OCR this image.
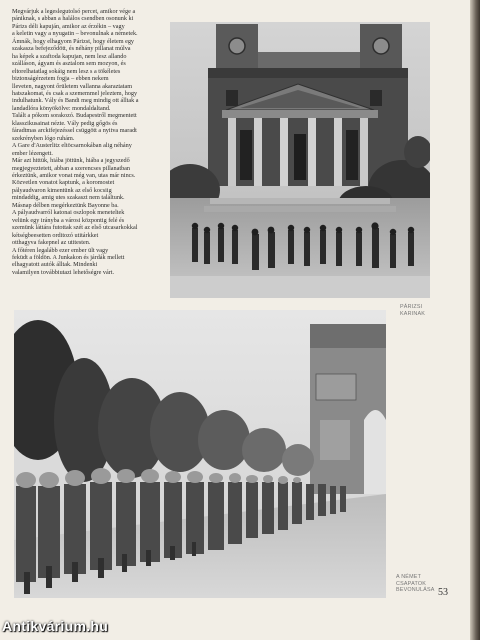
Megvárjuk a legeslegutolsó percet, amikor vége a
pániknak, s abban a halálos csendben osonunk ki
Párizs déli kapuján, amikor az érzékin – vagy
a keletin vagy a nyugatin – bevonulnak a németek.
Ámnák, hogy elhagyom Párizst, hogy életem egy
szakasza befejeződött, és néhány pillanat múlva
ha képek a szaftoda kapujan, nem lesz allando
szálláson, ágyam és asztalom sem mozyon, és
eltorelhatatlag sokáig nem lesz s a tökéletes
biztonságérzetem fogja – ebben nekem
lleveten, nagyont őrületem vallanna akaraztatam
hatszakomat, és csak a szememmel jeleztem, hogy
indulhatunk. Vály és Bandi meg mindig ott álltak a
landadlóra könyökölve: mondaldaltand.
Talált a pókom sorakozó. Budapestről megmentett
klasszikusainat nézte. Vály pedig gőgös és
fáradtmas arckifejezéssel csüggött a nyitva maradt
szekrényben lógo ruhám.
A Gare d'Austerlitz eltöcsarnokában alig néhány
ember lézengett.
Már azt hittük, hiába jöttünk, hiába a jegyszedő
megjegyeztetett, abban a szerencses pillanatban
érkeztünk, amikor vonat még van, utas már nincs.
Közvetlen vonatot kaptunk, a koromostet
pályaudvaron kimentünk az első kocsiig
mindaddig, amig utes szakaszt nem találtunk.
Másnap délben megérkeztünk Bayonne ba.
A pályaudvarról katonai oszlopok meneteltek
velünk egy irányba a városi központig felé és
szemünk láttára futottak szét az első utcasarkokkal
kétségbeesetten orditozó utitárkket
otthagyva fakepnel az utitesten.
A főtéren legalább ezer ember ült vagy
feküdt a földön. A Junkakon és járdák mellett
elhagyatott autók álltak. Mindenki
valamilyen továbbiutazi lehetőségre várt.
PÁRIZSI
KARINAK
A NÉMET
CSAPATOK
BEVONULÁSA 53
Antikvárium.hu
